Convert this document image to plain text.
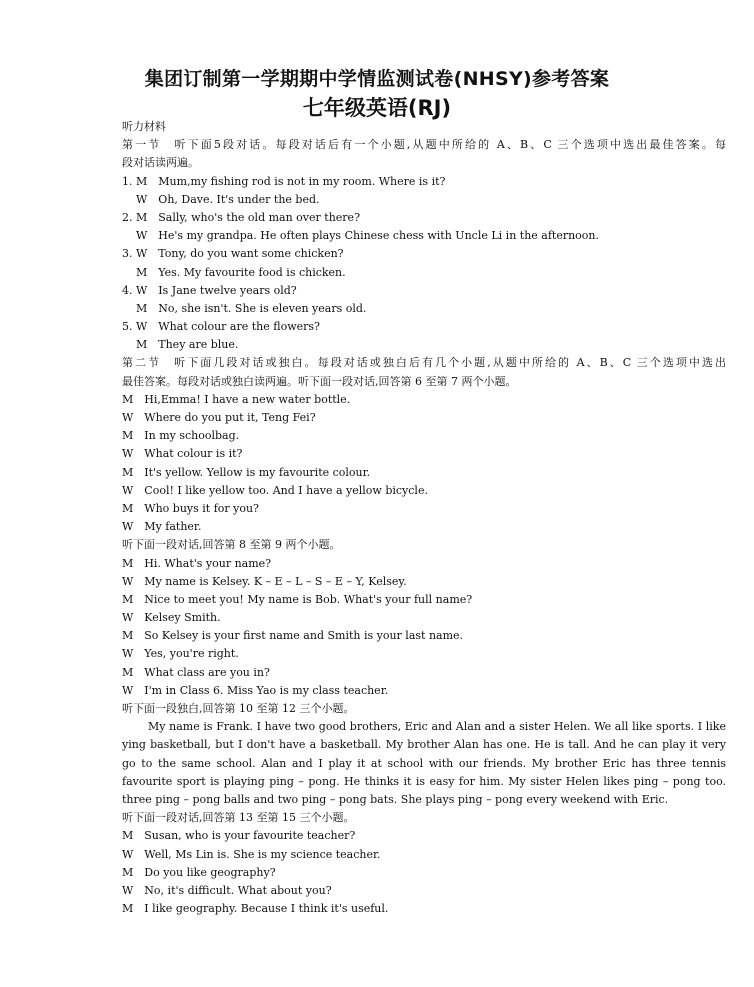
集团订制第一学期期中学情监测试卷(NHSY)参考答案
七年级英语(RJ)
听力材料
第一节　听下面5段对话。每段对话后有一个小题,从题中所给的 A、B、C 三个选项中选出最佳答案。每
段对话读两遍。
1. M　Mum,my fishing rod is not in my room. Where is it?
W　Oh, Dave. It's under the bed.
2. M　Sally, who's the old man over there?
W　He's my grandpa. He often plays Chinese chess with Uncle Li in the afternoon.
3. W　Tony, do you want some chicken?
M　Yes. My favourite food is chicken.
4. W　Is Jane twelve years old?
M　No, she isn't. She is eleven years old.
5. W　What colour are the flowers?
M　They are blue.
第二节　听下面几段对话或独白。每段对话或独白后有几个小题,从题中所给的 A、B、C 三个选项中选出
最佳答案。每段对话或独白读两遍。听下面一段对话,回答第 6 至第 7 两个小题。
M　Hi,Emma! I have a new water bottle.
W　Where do you put it, Teng Fei?
M　In my schoolbag.
W　What colour is it?
M　It's yellow. Yellow is my favourite colour.
W　Cool! I like yellow too. And I have a yellow bicycle.
M　Who buys it for you?
W　My father.
听下面一段对话,回答第 8 至第 9 两个小题。
M　Hi. What's your name?
W　My name is Kelsey. K – E – L – S – E – Y, Kelsey.
M　Nice to meet you! My name is Bob. What's your full name?
W　Kelsey Smith.
M　So Kelsey is your first name and Smith is your last name.
W　Yes, you're right.
M　What class are you in?
W　I'm in Class 6. Miss Yao is my class teacher.
听下面一段独白,回答第 10 至第 12 三个小题。
My name is Frank. I have two good brothers, Eric and Alan and a sister Helen. We all like sports. I like
ying basketball, but I don't have a basketball. My brother Alan has one. He is tall. And he can play it very
go to the same school. Alan and I play it at school with our friends. My brother Eric has three tennis
favourite sport is playing ping – pong. He thinks it is easy for him. My sister Helen likes ping – pong too.
three ping – pong balls and two ping – pong bats. She plays ping – pong every weekend with Eric.
听下面一段对话,回答第 13 至第 15 三个小题。
M　Susan, who is your favourite teacher?
W　Well, Ms Lin is. She is my science teacher.
M　Do you like geography?
W　No, it's difficult. What about you?
M　I like geography. Because I think it's useful.
